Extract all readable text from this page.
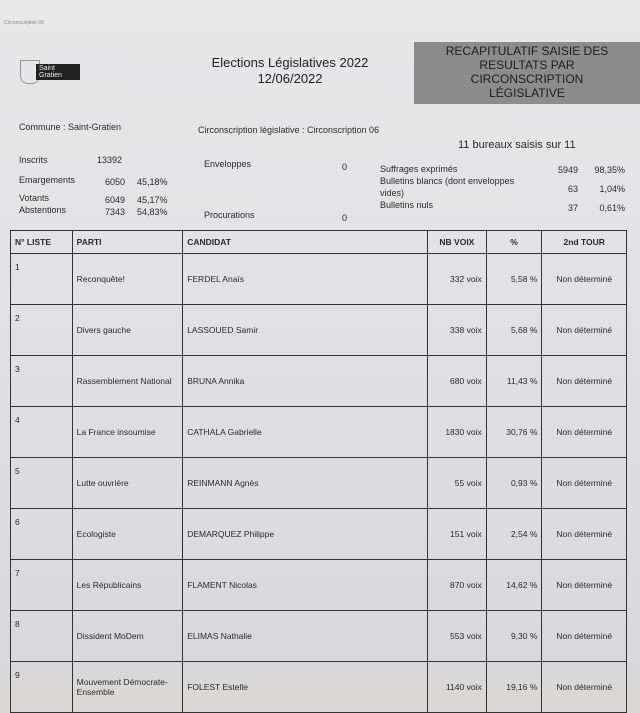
Circonscription 06
Saint Gratien
Elections Législatives 2022
12/06/2022
RECAPITULATIF SAISIE DES
RESULTATS PAR
CIRCONSCRIPTION
LÉGISLATIVE
Commune : Saint-Gratien	Circonscription législative : Circonscription 06
11 bureaux saisis sur 11
Inscrits	13392
Emargements	6050 45,18%
Votants	6049 45,17%
Abstentions	7343 54,83%
Enveloppes	0
Procurations	0
Suffrages exprimés	5949	98,35%
Bulletins blancs (dont enveloppes
vides)	63	1,04%
Bulletins nuls	37	0,61%
N° LISTE	PARTI	CANDIDAT	NB VOIX	%	2nd TOUR
1	Reconquête!	FERDEL Anaïs	332 voix	5,58 %	Non déterminé
2	Divers gauche	LASSOUED Samir	338 voix	5,68 %	Non déterminé
3	Rassemblement National	BRUNA Annika	680 voix	11,43 %	Non déterminé
4	La France insoumise	CATHALA Gabrielle	1830 voix	30,76 %	Non déterminé
5	Lutte ouvrière	REINMANN Agnès	55 voix	0,93 %	Non déterminé
6	Ecologiste	DEMARQUEZ Philippe	151 voix	2,54 %	Non déterminé
7	Les Républicains	FLAMENT Nicolas	870 voix	14,62 %	Non déterminé
8	Dissident MoDem	ELIMAS Nathalie	553 voix	9,30 %	Non déterminé
9	Mouvement Démocrate-Ensemble	FOLEST Estelle	1140 voix	19,16 %	Non déterminé
